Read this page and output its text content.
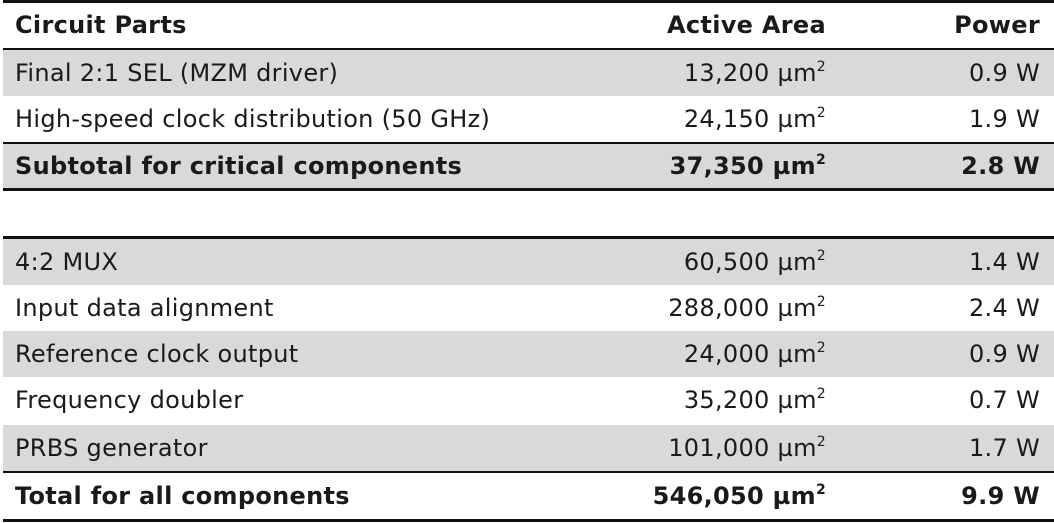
Circuit Parts	Active Area	Power
Final 2:1 SEL (MZM driver)	13,200 µm$^2$	0.9 W
High-speed clock distribution (50 GHz)	24,150 µm$^2$	1.9 W
Subtotal for critical components	37,350 µm$^2$	2.8 W
4:2 MUX	60,500 µm$^2$	1.4 W
Input data alignment	288,000 µm$^2$	2.4 W
Reference clock output	24,000 µm$^2$	0.9 W
Frequency doubler	35,200 µm$^2$	0.7 W
PRBS generator	101,000 µm$^2$	1.7 W
Total for all components	546,050 µm$^2$	9.9 W
